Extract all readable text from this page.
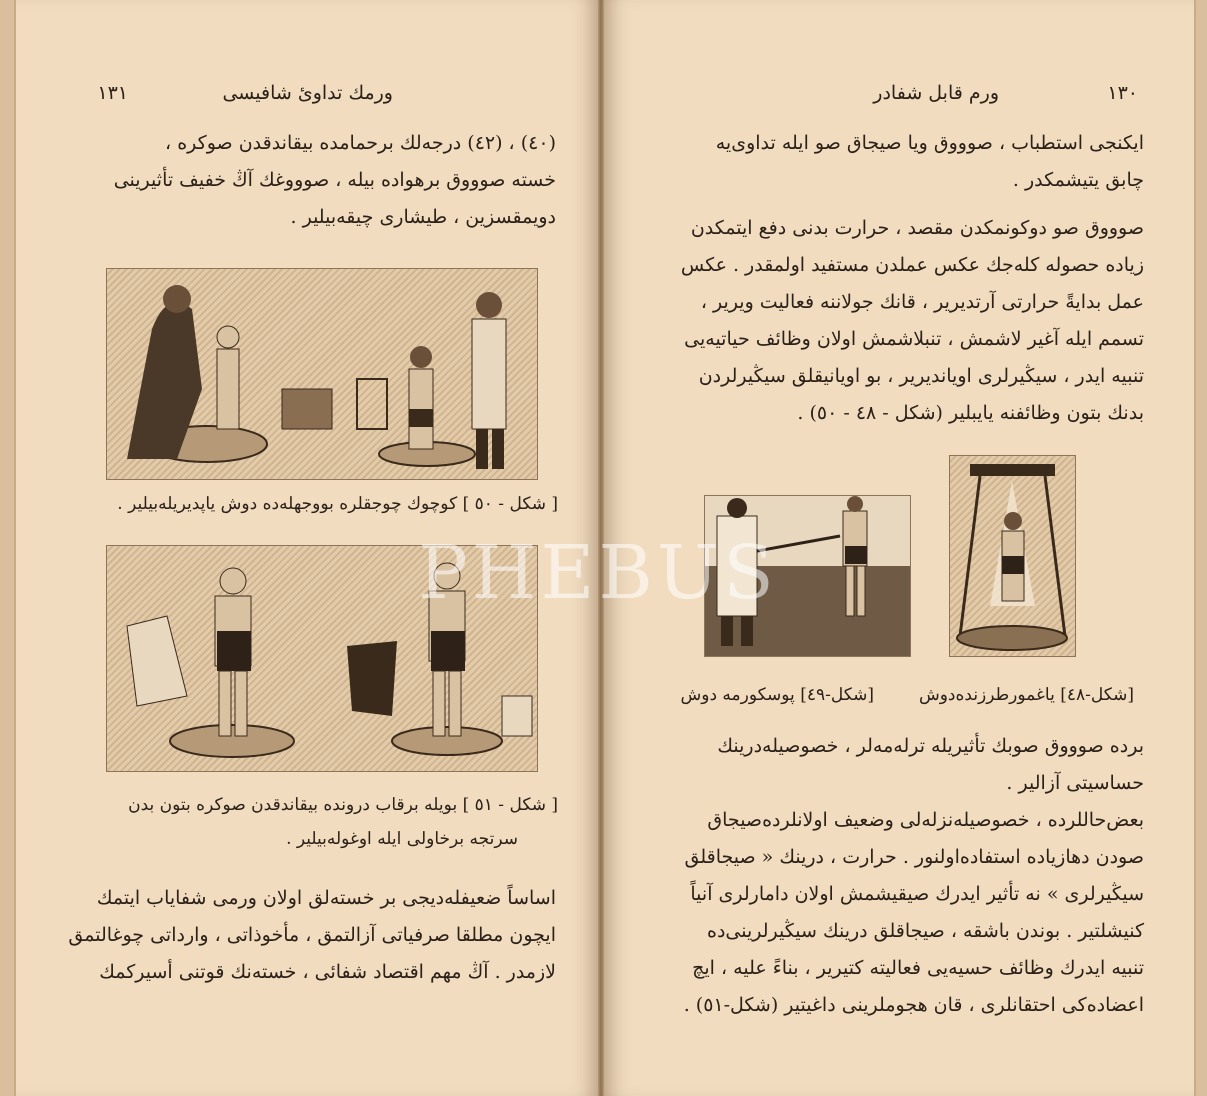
١٣١	ورمك تداوئ شافيسى
(٤٠) ، (٤٢) درجه‌لك برحمامده بيقاندقدن صوكره ،
خسته صوووق برهواده بيله ، صوووغك آڭ خفيف تأثيرينى
دويمقسزين ، طيشارى چيقه‌بيلير .
[ شكل - ٥٠ ] كوچوك چوجقلره بووجهله‌ده دوش ياپديريله‌بيلير .
[ شكل - ٥١ ] بويله برقاب درونده بيقاندقدن صوكره بتون بدن
سرتجه برخاولى ايله اوغوله‌بيلير .
اساساً ضعيفله‌ديجى بر خسته‌لق اولان ورمى شفاياب ايتمك
ايچون مطلقا صرفياتى آزالتمق ، مأخوذاتى ، وارداتى چوغالتمق
لازمدر . آڭ مهم اقتصاد شفائى ، خسته‌نك قوتنى أسيركمك
١٣٠
ورم قابل شفادر
ايكنجى استطباب ، صوووق ويا صيجاق صو ايله تداوى‌يه
چابق يتيشمكدر .
صوووق صو دوكونمكدن مقصد ، حرارت بدنى دفع ايتمكدن
زياده حصوله كله‌جك عكس عملدن مستفيد اولمقدر . عكس
عمل بدايةً حرارتى آرتديرير ، قانك جولاننه فعاليت ويرير ،
تسمم ايله آغير لاشمش ، تنبلاشمش اولان وظائف حياتيه‌يى
تنبيه ايدر ، سيڭيرلرى اويانديرير ، بو اويانيقلق سيڭيرلردن
بدنك بتون وظائفنه يايبلير (شكل - ٤٨ - ٥٠) .
[شكل-٤٨] ياغمورطرزنده‌دوش
[شكل-٤٩] پوسكورمه دوش
برده صوووق صوبك تأثيريله ترله‌مه‌لر ، خصوصيله‌درينك
حساسيتى آزالير .
بعض‌حاللرده ، خصوصيله‌نزله‌لى وضعيف اولانلرده‌صيجاق
صودن دهازياده استفاده‌اولنور . حرارت ، درينك « صيجاقلق
سيڭيرلرى » نه تأثير ايدرك صيقيشمش اولان دامارلرى آنياً
كنيشلتير . بوندن باشقه ، صيجاقلق درينك سيڭيرلرينى‌ده
تنبيه ايدرك وظائف حسيه‌يى فعاليته كتيرير ، بناءً عليه ، ايچ
اعضاده‌كى احتقانلرى ، قان هجوملرينى داغيتير (شكل-٥١) .
PHEBUS
